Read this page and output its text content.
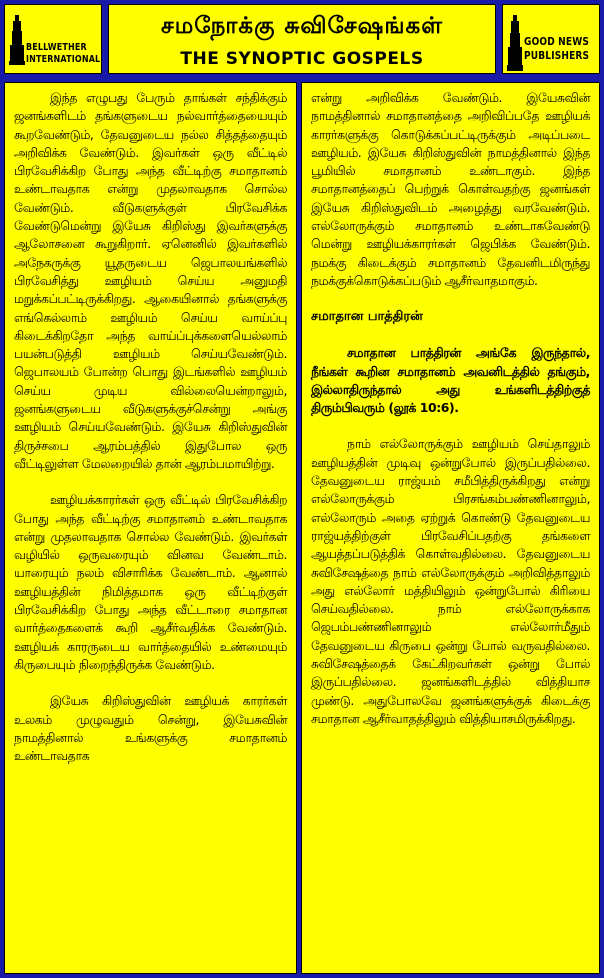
BELLWETHER
INTERNATIONAL
சமநோக்கு சுவிசேஷங்கள்
THE SYNOPTIC GOSPELS
GOOD NEWS
PUBLISHERS

இந்த எழுபது பேரும் தாங்கள் சந்திக்கும் ஜனங்களிடம் தங்களுடைய நல்வார்த்தையையும் கூறவேண்டும், தேவனுடைய நல்ல சித்தத்தையும் அறிவிக்க வேண்டும். இவர்கள் ஒரு வீட்டில் பிரவேசிக்கிற போது அந்த வீட்டிற்கு சமாதானம் உண்டாவதாக என்று முதலாவதாக சொல்ல வேண்டும். வீடுகளுக்குள் பிரவேசிக்க வேண்டுமென்று இயேசு கிறிஸ்து இவர்களுக்கு ஆலோசனை கூறுகிறார். ஏனெனில் இவர்களில் அநேகருக்கு யூதருடைய ஜெபாலயங்களில் பிரவேசித்து ஊழியம் செய்ய அனுமதி மறுக்கப்பட்டிருக்கிறது. ஆகையினால் தங்களுக்கு எங்கெல்லாம் ஊழியம் செய்ய வாய்ப்பு கிடைக்கிறதோ அந்த வாய்ப்புக்களையெல்லாம் பயன்படுத்தி ஊழியம் செய்யவேண்டும். ஜெபாலயம் போன்ற பொது இடங்களில் ஊழியம் செய்ய முடிய வில்லையென்றாலும், ஜனங்களுடைய வீடுகளுக்குச்சென்று அங்கு ஊழியம் செய்யவேண்டும். இயேசு கிறிஸ்துவின் திருச்சபை ஆரம்பத்தில் இதுபோல ஒரு வீட்டிலுள்ள மேலறையில் தான் ஆரம்பமாயிற்று.

ஊழியக்காரர்கள் ஒரு வீட்டில் பிரவேசிக்கிற போது அந்த வீட்டிற்கு சமாதானம் உண்டாவதாக என்று முதலாவதாக சொல்ல வேண்டும். இவர்கள் வழியில் ஒருவரையும் வினவ வேண்டாம். யாரையும் நலம் விசாரிக்க வேண்டாம். ஆனால் ஊழியத்தின் நிமித்தமாக ஒரு வீட்டிற்குள் பிரவேசிக்கிற போது அந்த வீட்டாரை சமாதான வார்த்தைகளைக் கூறி ஆசீர்வதிக்க வேண்டும். ஊழியக் காரருடைய வார்த்தையில் உண்மையும் கிருபையும் நிறைந்திருக்க வேண்டும்.

இயேசு கிறிஸ்துவின் ஊழியக் காரர்கள் உலகம் முழுவதும் சென்று, இயேசுவின் நாமத்தினால் உங்களுக்கு சமாதானம் உண்டாவதாக

என்று அறிவிக்க வேண்டும். இயேசுவின் நாமத்தினால் சமாதானத்தை அறிவிப்பதே ஊழியக் காரர்களுக்கு கொடுக்கப்பட்டிருக்கும் அடிப்படை ஊழியம். இயேசு கிறிஸ்துவின் நாமத்தினால் இந்த பூமியில் சமாதானம் உண்டாகும். இந்த சமாதானத்தைப் பெற்றுக் கொள்வதற்கு ஜனங்கள் இயேசு கிறிஸ்துவிடம் அழைத்து வரவேண்டும். எல்லோருக்கும் சமாதானம் உண்டாகவேண்டு மென்று ஊழியக்காரர்கள் ஜெபிக்க வேண்டும். நமக்கு கிடைக்கும் சமாதானம் தேவனிடமிருந்து நமக்குக்கொடுக்கப்படும் ஆசீர்வாதமாகும்.

சமாதான பாத்திரன்

சமாதான பாத்திரன் அங்கே இருந்தால், நீங்கள் கூறின சமாதானம் அவனிடத்தில் தங்கும், இல்லாதிருந்தால் அது உங்களிடத்திற்குத் திரும்பிவரும் (லூக் 10:6).

நாம் எல்லோருக்கும் ஊழியம் செய்தாலும் ஊழியத்தின் முடிவு ஒன்றுபோல் இருப்பதில்லை. தேவனுடைய ராஜ்யம் சமீபித்திருக்கிறது என்று எல்லோருக்கும் பிரசங்கம்பண்ணினாலும், எல்லோரும் அதை ஏற்றுக் கொண்டு தேவனுடைய ராஜ்யத்திற்குள் பிரவேசிப்பதற்கு தங்களை ஆயத்தப்படுத்திக் கொள்வதில்லை. தேவனுடைய சுவிசேஷத்தை நாம் எல்லோருக்கும் அறிவித்தாலும் அது எல்லோர் மத்தியிலும் ஒன்றுபோல் கிரியை செய்வதில்லை. நாம் எல்லோருக்காக ஜெபம்பண்ணினாலும் எல்லோர்மீதும் தேவனுடைய கிருபை ஒன்று போல் வருவதில்லை. சுவிசேஷத்தைக் கேட்கிறவர்கள் ஒன்று போல் இருப்பதில்லை. ஜனங்களிடத்தில் வித்தியாச முண்டு. அதுபோலவே ஜனங்களுக்குக் கிடைக்கு சமாதான ஆசீர்வாதத்திலும் வித்தியாசமிருக்கிறது.
